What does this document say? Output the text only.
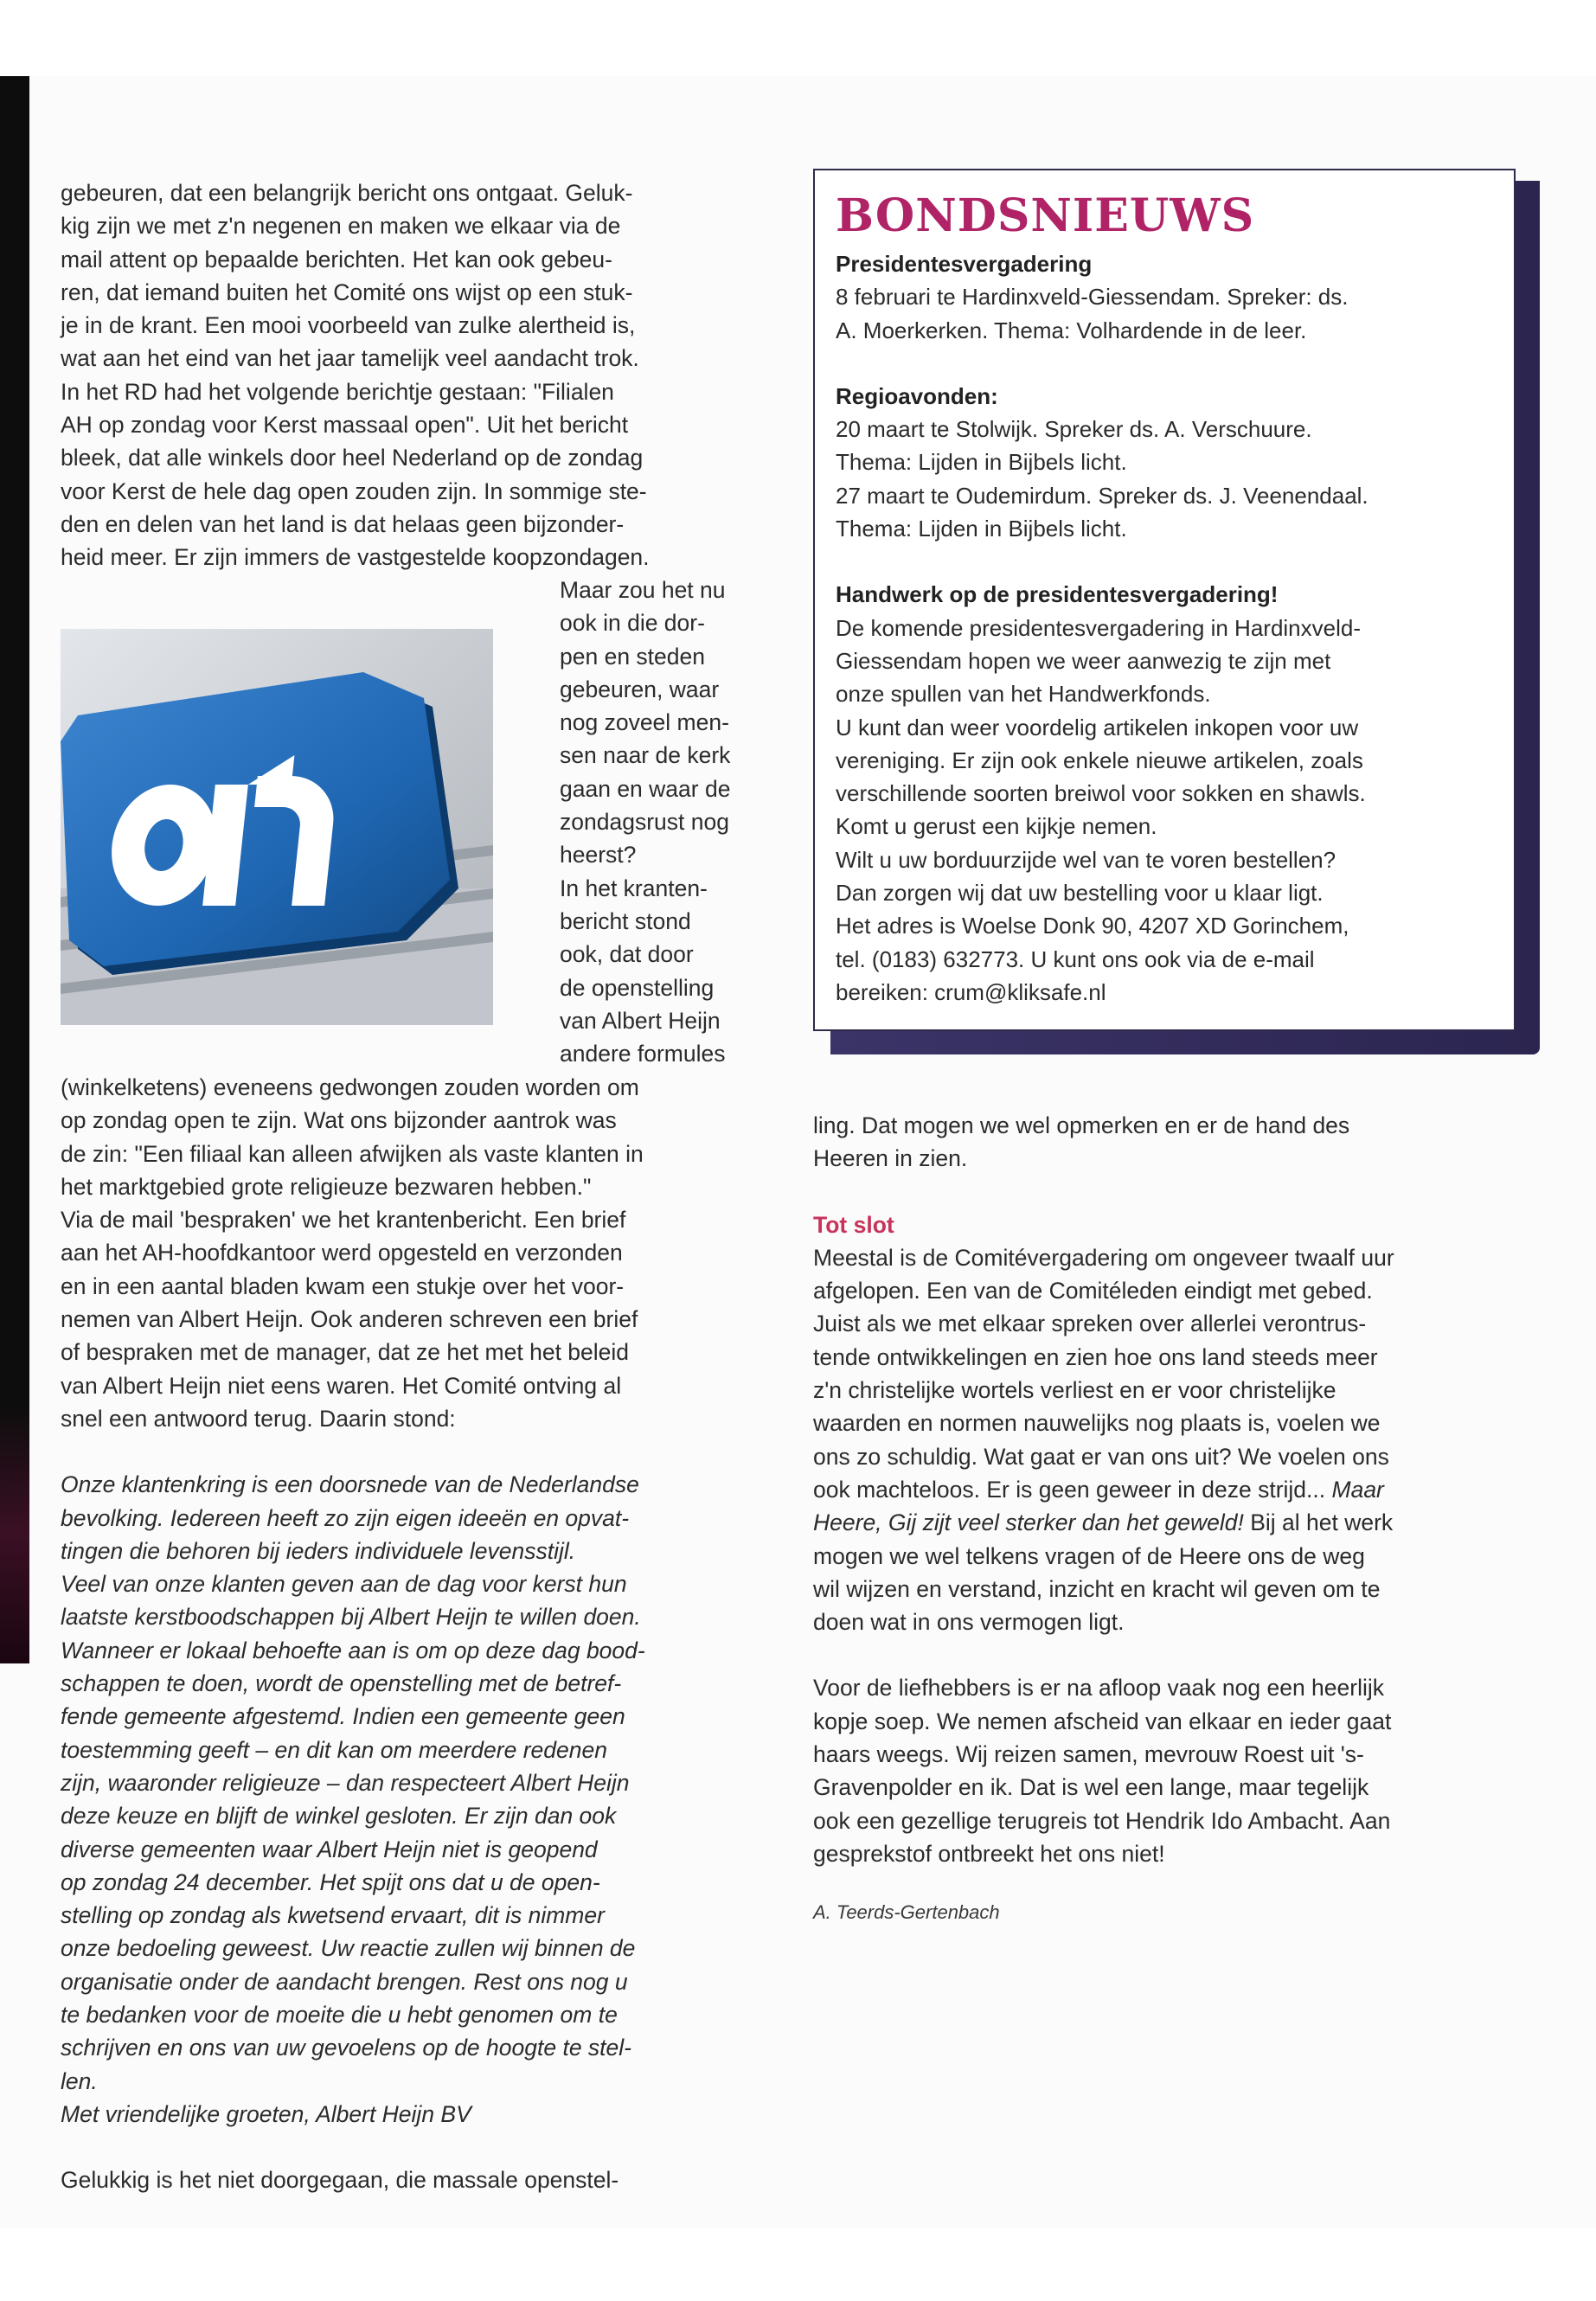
gebeuren, dat een belangrijk bericht ons ontgaat. Geluk-

kig zijn we met z'n negenen en maken we elkaar via de

mail attent op bepaalde berichten. Het kan ook gebeu-

ren, dat iemand buiten het Comité ons wijst op een stuk-

je in de krant. Een mooi voorbeeld van zulke alertheid is,

wat aan het eind van het jaar tamelijk veel aandacht trok.

In het RD had het volgende berichtje gestaan: "Filialen

AH op zondag voor Kerst massaal open". Uit het bericht

bleek, dat alle winkels door heel Nederland op de zondag

voor Kerst de hele dag open zouden zijn. In sommige ste-

den en delen van het land is dat helaas geen bijzonder-

heid meer. Er zijn immers de vastgestelde koopzondagen.

Maar zou het nu

ook in die dor-

pen en steden

gebeuren, waar

nog zoveel men-

sen naar de kerk

gaan en waar de

zondagsrust nog

heerst?

In het kranten-

bericht stond

ook, dat door

de openstelling

van Albert Heijn

andere formules

(winkelketens) eveneens gedwongen zouden worden om

op zondag open te zijn. Wat ons bijzonder aantrok was

de zin: "Een filiaal kan alleen afwijken als vaste klanten in

het marktgebied grote religieuze bezwaren hebben."

Via de mail 'bespraken' we het krantenbericht. Een brief

aan het AH-hoofdkantoor werd opgesteld en verzonden

en in een aantal bladen kwam een stukje over het voor-

nemen van Albert Heijn. Ook anderen schreven een brief

of bespraken met de manager, dat ze het met het beleid

van Albert Heijn niet eens waren. Het Comité ontving al

snel een antwoord terug. Daarin stond:

Onze klantenkring is een doorsnede van de Nederlandse

bevolking. Iedereen heeft zo zijn eigen ideeën en opvat-

tingen die behoren bij ieders individuele levensstijl.

Veel van onze klanten geven aan de dag voor kerst hun

laatste kerstboodschappen bij Albert Heijn te willen doen.

Wanneer er lokaal behoefte aan is om op deze dag bood-

schappen te doen, wordt de openstelling met de betref-

fende gemeente afgestemd. Indien een gemeente geen

toestemming geeft – en dit kan om meerdere redenen

zijn, waaronder religieuze – dan respecteert Albert Heijn

deze keuze en blijft de winkel gesloten. Er zijn dan ook

diverse gemeenten waar Albert Heijn niet is geopend

op zondag 24 december. Het spijt ons dat u de open-

stelling op zondag als kwetsend ervaart, dit is nimmer

onze bedoeling geweest. Uw reactie zullen wij binnen de

organisatie onder de aandacht brengen. Rest ons nog u

te bedanken voor de moeite die u hebt genomen om te

schrijven en ons van uw gevoelens op de hoogte te stel-

len.

Met vriendelijke groeten, Albert Heijn BV

Gelukkig is het niet doorgegaan, die massale openstel-

BONDSNIEUWS

Presidentesvergadering

8 februari te Hardinxveld-Giessendam. Spreker: ds.

A. Moerkerken. Thema: Volhardende in de leer.

Regioavonden:

20 maart te Stolwijk. Spreker ds. A. Verschuure.

Thema: Lijden in Bijbels licht.

27 maart te Oudemirdum. Spreker ds. J. Veenendaal.

Thema: Lijden in Bijbels licht.

Handwerk op de presidentesvergadering!

De komende presidentesvergadering in Hardinxveld-

Giessendam hopen we weer aanwezig te zijn met

onze spullen van het Handwerkfonds.

U kunt dan weer voordelig artikelen inkopen voor uw

vereniging. Er zijn ook enkele nieuwe artikelen, zoals

verschillende soorten breiwol voor sokken en shawls.

Komt u gerust een kijkje nemen.

Wilt u uw borduurzijde wel van te voren bestellen?

Dan zorgen wij dat uw bestelling voor u klaar ligt.

Het adres is Woelse Donk 90, 4207 XD Gorinchem,

tel. (0183) 632773. U kunt ons ook via de e-mail

bereiken: crum@kliksafe.nl

ling. Dat mogen we wel opmerken en er de hand des

Heeren in zien.

Tot slot

Meestal is de Comitévergadering om ongeveer twaalf uur

afgelopen. Een van de Comitéleden eindigt met gebed.

Juist als we met elkaar spreken over allerlei verontrus-

tende ontwikkelingen en zien hoe ons land steeds meer

z'n christelijke wortels verliest en er voor christelijke

waarden en normen nauwelijks nog plaats is, voelen we

ons zo schuldig. Wat gaat er van ons uit? We voelen ons

ook machteloos. Er is geen geweer in deze strijd... Maar

Heere, Gij zijt veel sterker dan het geweld! Bij al het werk

mogen we wel telkens vragen of de Heere ons de weg

wil wijzen en verstand, inzicht en kracht wil geven om te

doen wat in ons vermogen ligt.

Voor de liefhebbers is er na afloop vaak nog een heerlijk

kopje soep. We nemen afscheid van elkaar en ieder gaat

haars weegs. Wij reizen samen, mevrouw Roest uit 's-

Gravenpolder en ik. Dat is wel een lange, maar tegelijk

ook een gezellige terugreis tot Hendrik Ido Ambacht. Aan

gesprekstof ontbreekt het ons niet!

A. Teerds-Gertenbach
